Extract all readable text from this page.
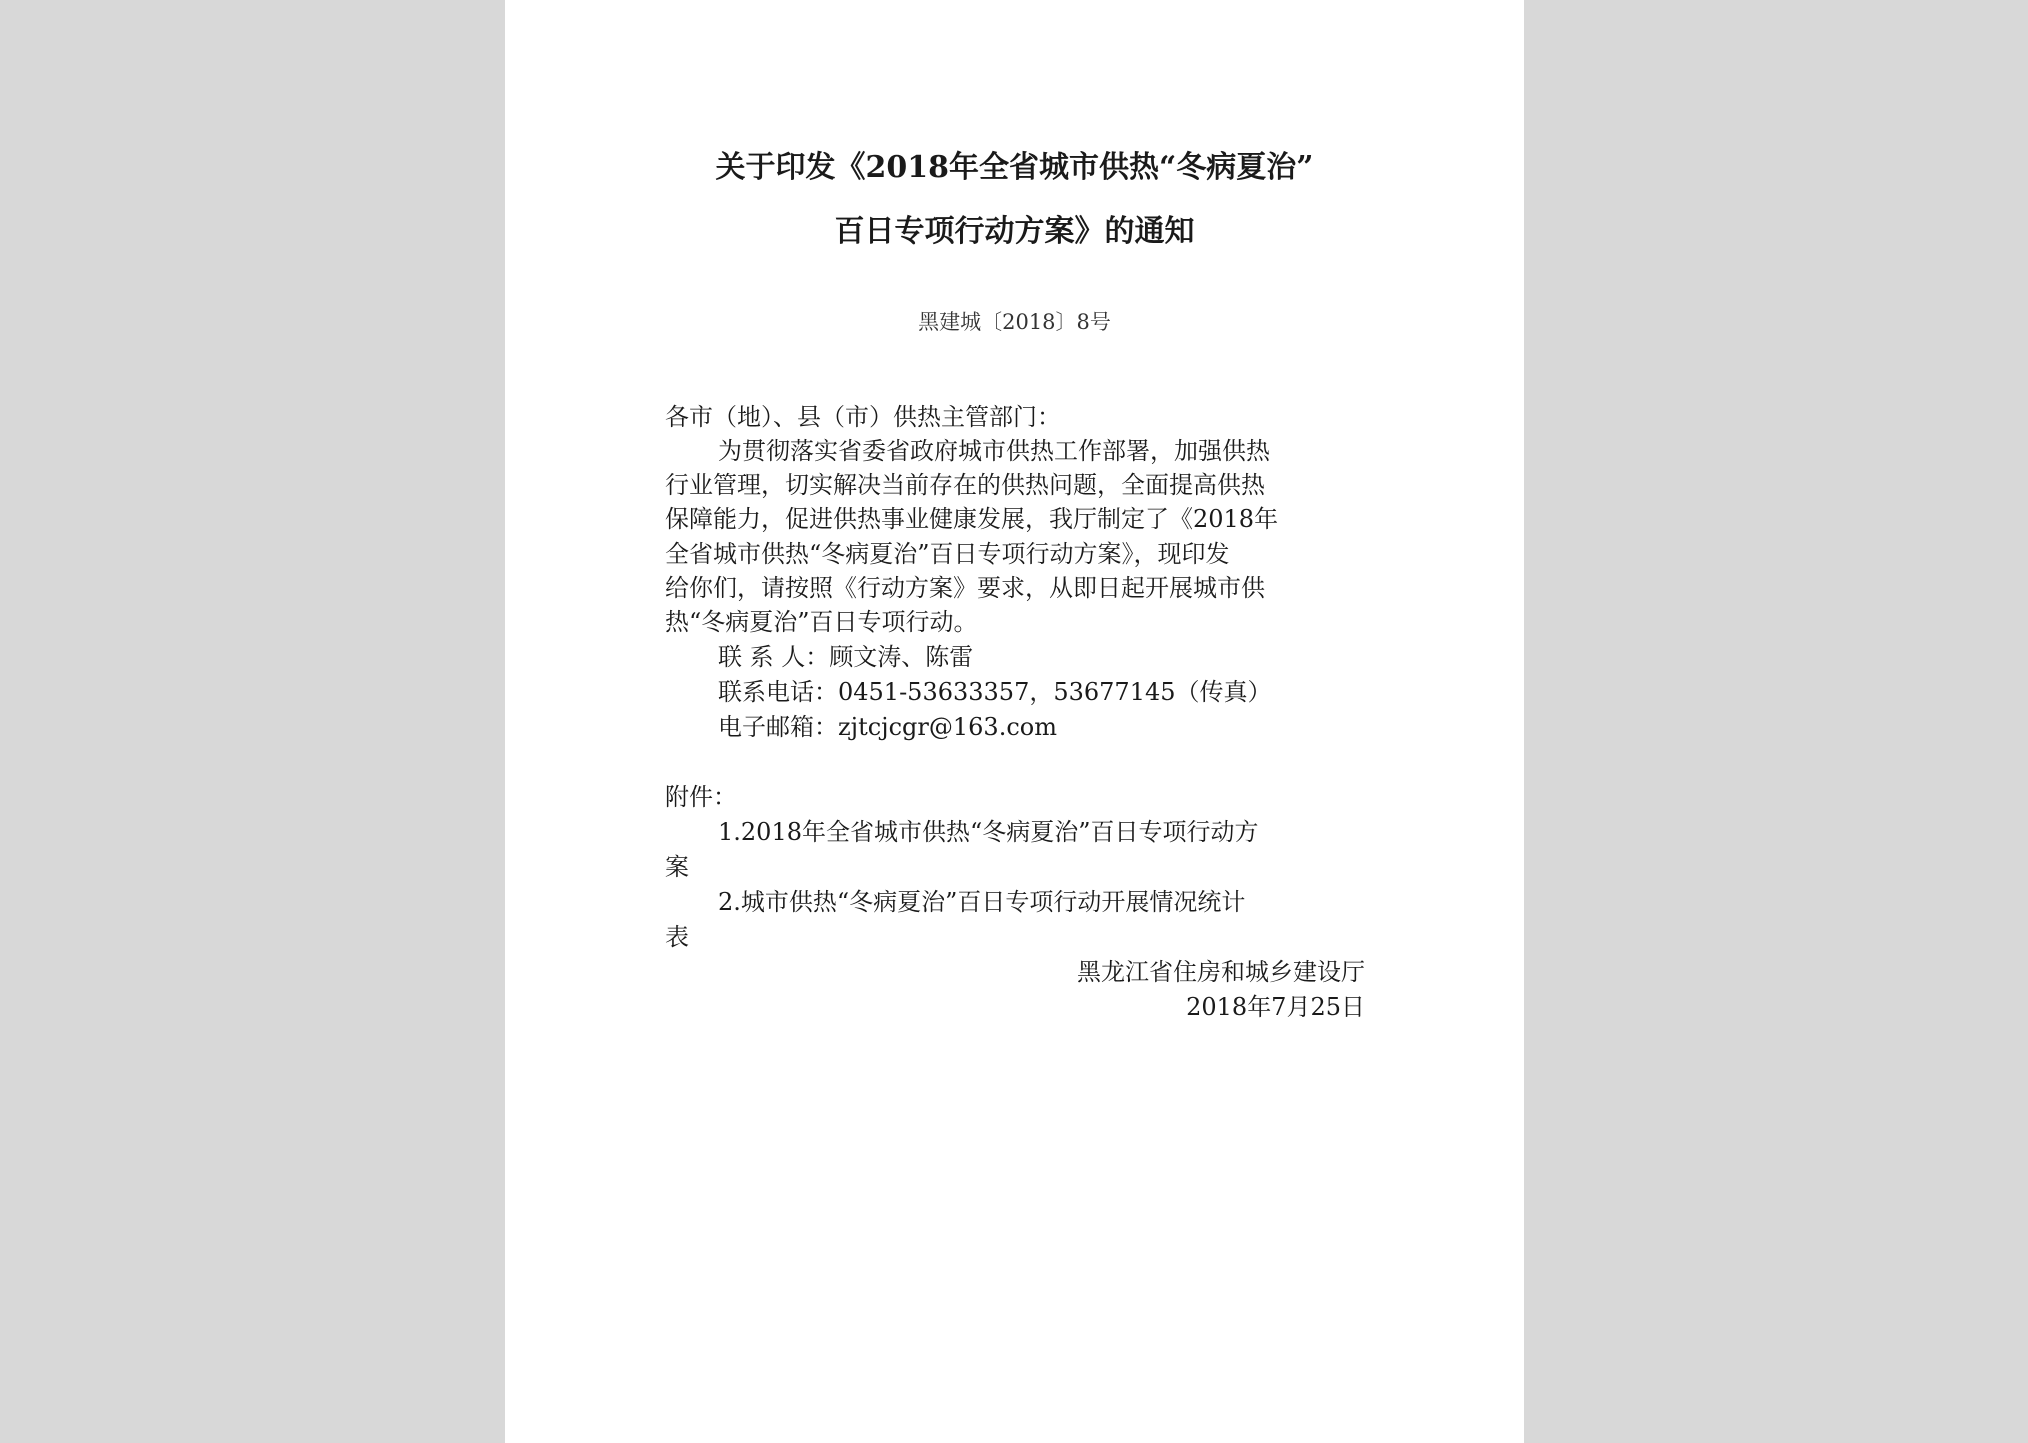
关于印发《2018年全省城市供热“冬病夏治”
百日专项行动方案》的通知
黑建城〔2018〕8号
各市（地）、县（市）供热主管部门：
为贯彻落实省委省政府城市供热工作部署，加强供热
行业管理，切实解决当前存在的供热问题，全面提高供热
保障能力，促进供热事业健康发展，我厅制定了《2018年
全省城市供热“冬病夏治”百日专项行动方案》，现印发
给你们，请按照《行动方案》要求，从即日起开展城市供
热“冬病夏治”百日专项行动。
联 系 人：顾文涛、陈雷
联系电话：0451-53633357，53677145（传真）
电子邮箱：zjtcjcgr@163.com
附件：
1.2018年全省城市供热“冬病夏治”百日专项行动方
案
2.城市供热“冬病夏治”百日专项行动开展情况统计
表
黑龙江省住房和城乡建设厅
2018年7月25日
